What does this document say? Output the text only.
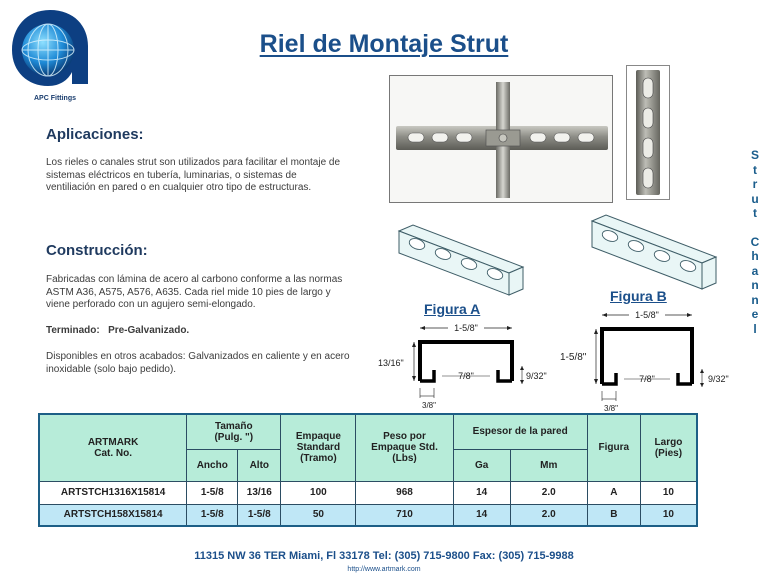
APC Fittings
Riel de Montaje Strut
Aplicaciones:
Los rieles o canales strut son utilizados para facilitar el montaje de
sistemas eléctricos en tubería, luminarias, o sistemas de
ventiliación en pared o en cualquier otro tipo de estructuras.
Construcción:
Fabricadas con lámina de acero al carbono conforme a las normas
ASTM A36, A575, A576, A635. Cada riel mide 10 pies de largo y
viene perforado con un agujero semi-elongado.
Terminado: Pre-Galvanizado.
Disponibles en otros acabados: Galvanizados en caliente y en acero
inoxidable (solo bajo pedido).
S
t
r
u
t
C
h
a
n
n
e
l
Figura A
Figura B
1-5/8"
13/16"
7/8"	9/32"
3/8"
1-5/8"
1-5/8"
7/8"	9/32"
3/8"
ARTMARK
Cat. No.	Tamaño
(Pulg. ")		Empaque
Standard
(Tramo)	Peso por
Empaque Std.
(Lbs)	Espesor de la pared		Figura	Largo
(Pies)
	Ancho	Alto			Ga	Mm		
ARTSTCH1316X15814	1-5/8	13/16	100	968	14	2.0	A	10
ARTSTCH158X15814	1-5/8	1-5/8	50	710	14	2.0	B	10
11315 NW 36 TER Miami, Fl 33178 Tel: (305) 715-9800 Fax: (305) 715-9988
http://www.artmark.com
